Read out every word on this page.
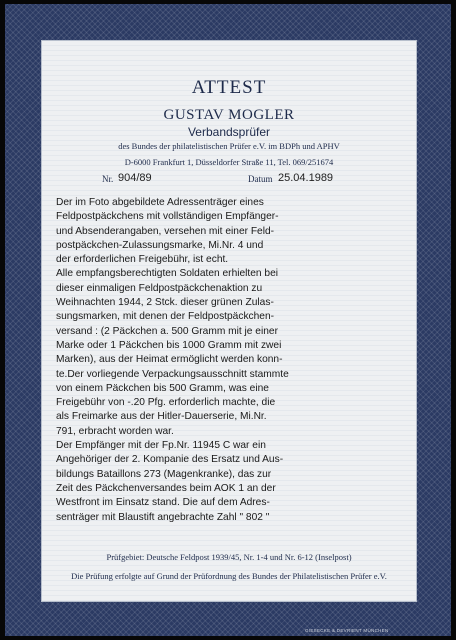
ATTEST
GUSTAV MOGLER
Verbandsprüfer
des Bundes der philatelistischen Prüfer e.V. im BDPh und APHV
D-6000 Frankfurt 1, Düsseldorfer Straße 11, Tel. 069/251674
Nr. 904/89	Datum 25.04.1989
Der im Foto abgebildete Adressenträger eines
Feldpostpäckchens mit vollständigen Empfänger-
und Absenderangaben, versehen mit einer Feld-
postpäckchen-Zulassungsmarke, Mi.Nr. 4 und
der erforderlichen Freigebühr, ist echt.
Alle empfangsberechtigten Soldaten erhielten bei
dieser einmaligen Feldpostpäckchenaktion zu
Weihnachten 1944, 2 Stck. dieser grünen Zulas-
sungsmarken, mit denen der Feldpostpäckchen-
versand : (2 Päckchen a. 500 Gramm mit je einer
Marke oder 1 Päckchen bis 1000 Gramm mit zwei
Marken), aus der Heimat ermöglicht werden konn-
te.Der vorliegende Verpackungsausschnitt stammte
von einem Päckchen bis 500 Gramm, was eine
Freigebühr von -.20 Pfg. erforderlich machte, die
als Freimarke aus der Hitler-Dauerserie, Mi.Nr.
791, erbracht worden war.
Der Empfänger mit der Fp.Nr. 11945 C war ein
Angehöriger der 2. Kompanie des Ersatz und Aus-
bildungs Bataillons 273 (Magenkranke), das zur
Zeit des Päckchenversandes beim AOK 1 an der
Westfront im Einsatz stand. Die auf dem Adres-
senträger mit Blaustift angebrachte Zahl " 802 "
Prüfgebiet: Deutsche Feldpost 1939/45, Nr. 1-4 und Nr. 6-12 (Inselpost)
Die Prüfung erfolgte auf Grund der Prüfordnung des Bundes der Philatelistischen Prüfer e.V.
GIESECKE & DEVRIENT MÜNCHEN
